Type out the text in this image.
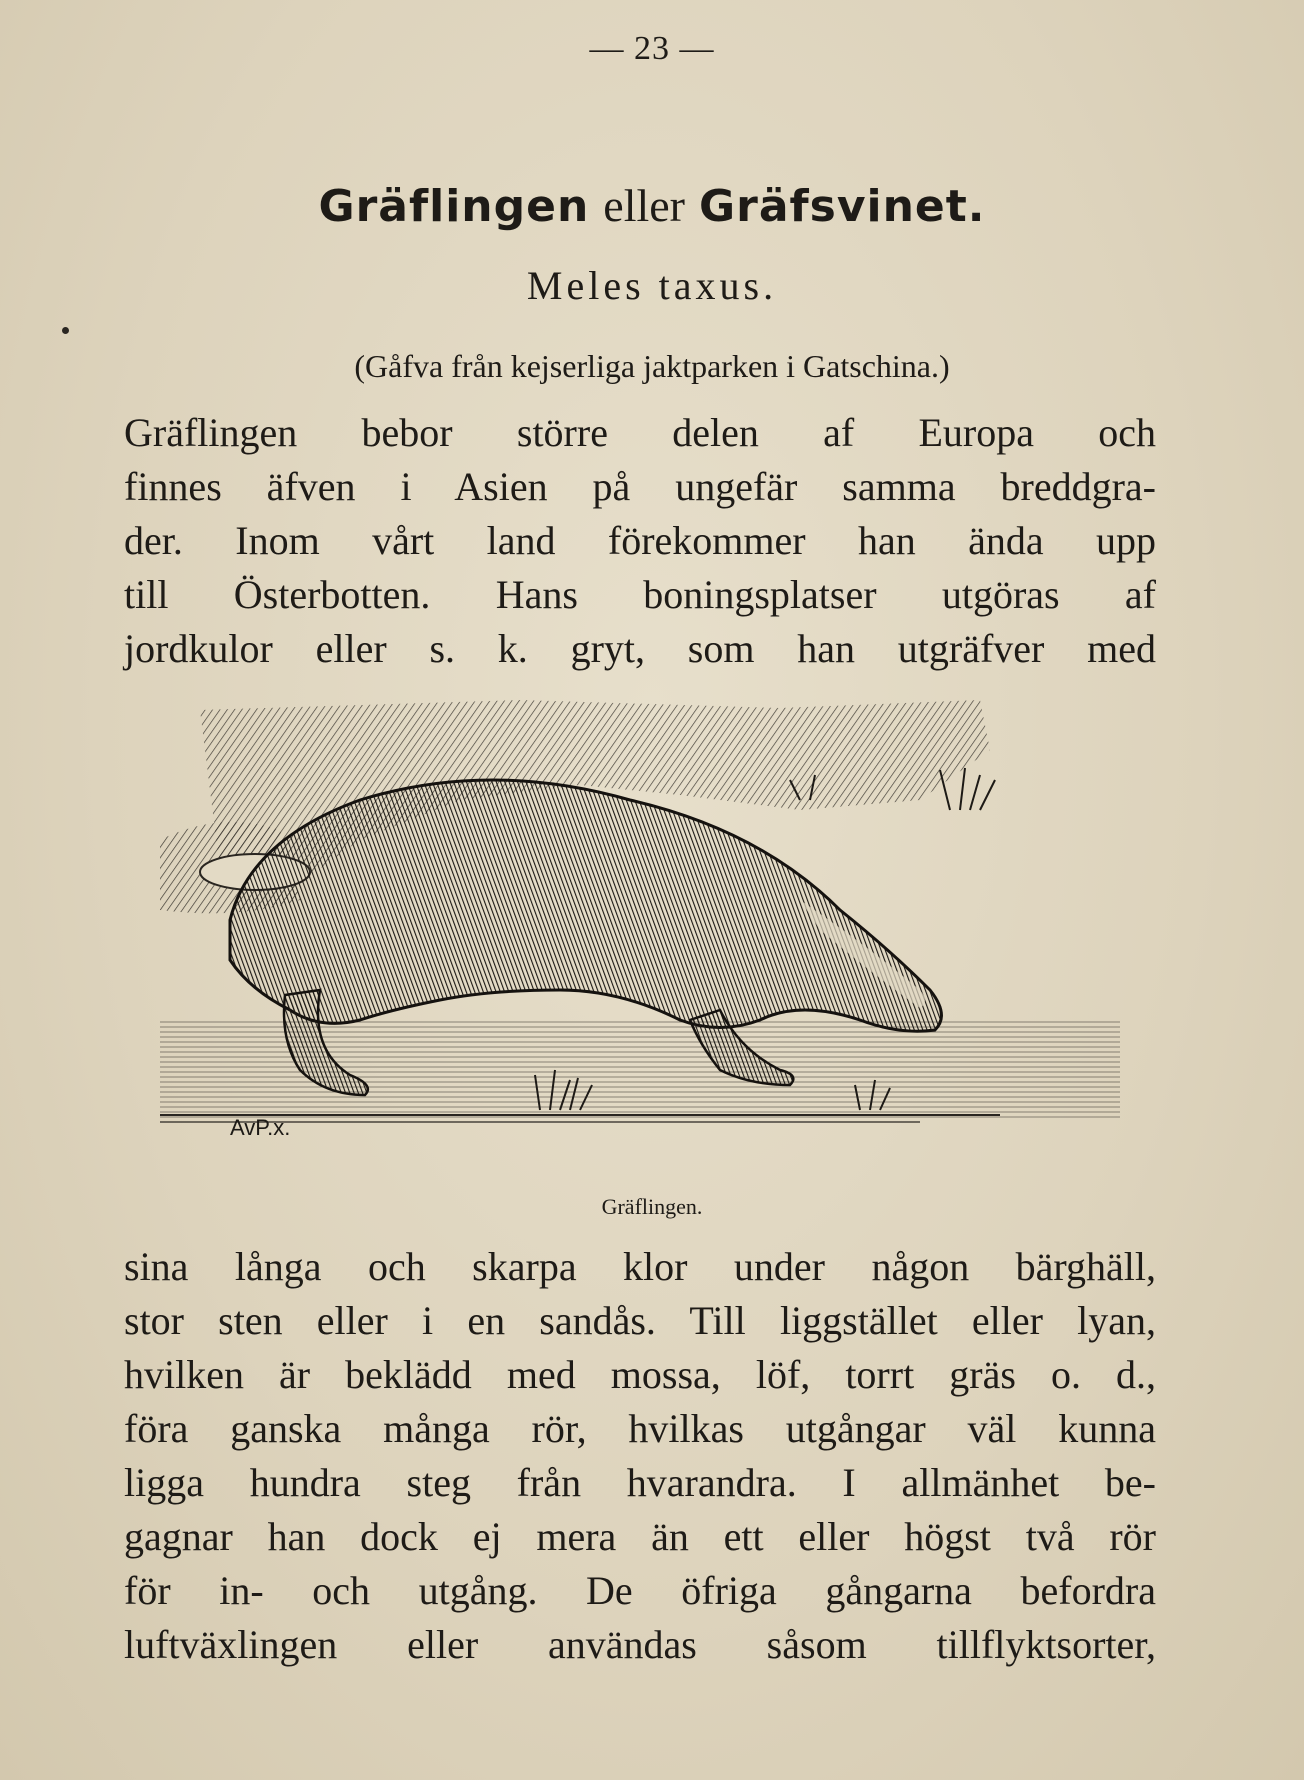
— 23 —
Gräflingen eller Gräfsvinet.
Meles taxus.
(Gåfva från kejserliga jaktparken i Gatschina.)
Gräflingen bebor större delen af Europa och
finnes äfven i Asien på ungefär samma breddgra-
der. Inom vårt land förekommer han ända upp
till Österbotten. Hans boningsplatser utgöras af
jordkulor eller s. k. gryt, som han utgräfver med
AvP.x.
Gräflingen.
sina långa och skarpa klor under någon bärghäll,
stor sten eller i en sandås. Till liggstället eller lyan,
hvilken är beklädd med mossa, löf, torrt gräs o. d.,
föra ganska många rör, hvilkas utgångar väl kunna
ligga hundra steg från hvarandra. I allmänhet be-
gagnar han dock ej mera än ett eller högst två rör
för in- och utgång. De öfriga gångarna befordra
luftväxlingen eller användas såsom tillflyktsorter,
